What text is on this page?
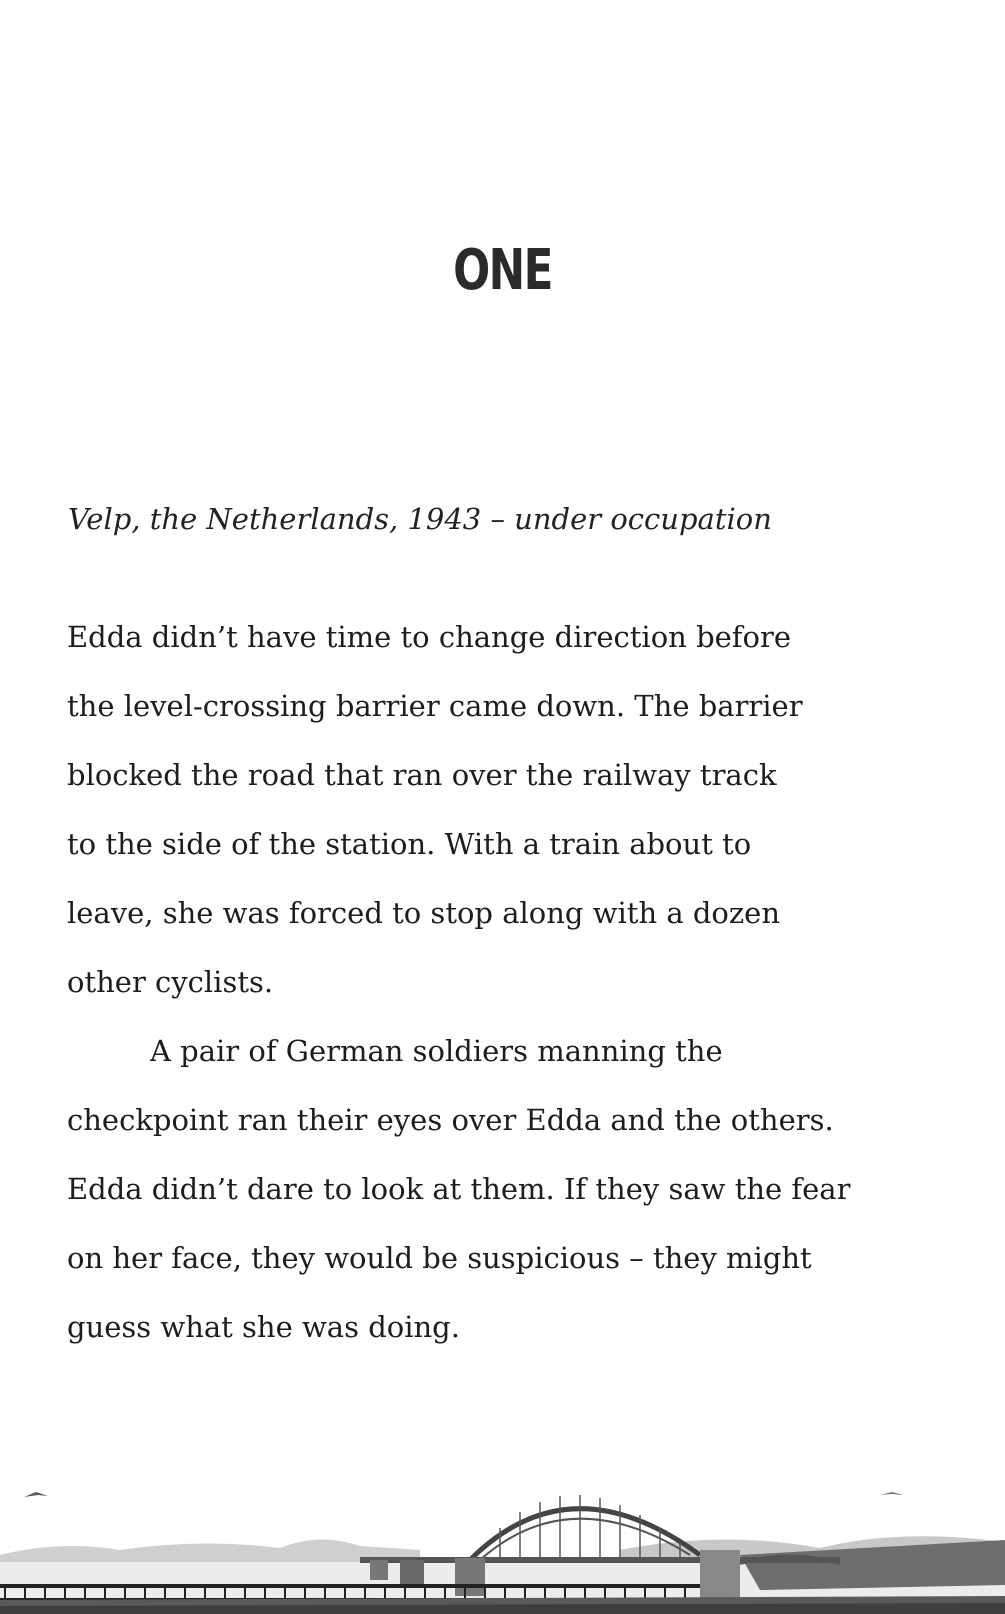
ONE
Velp, the Netherlands, 1943 – under occupation
Edda didn’t have time to change direction before
the level-crossing barrier came down. The barrier
blocked the road that ran over the railway track
to the side of the station. With a train about to
leave, she was forced to stop along with a dozen
other cyclists.
A pair of German soldiers manning the
checkpoint ran their eyes over Edda and the others.
Edda didn’t dare to look at them. If they saw the fear
on her face, they would be suspicious – they might
guess what she was doing.
